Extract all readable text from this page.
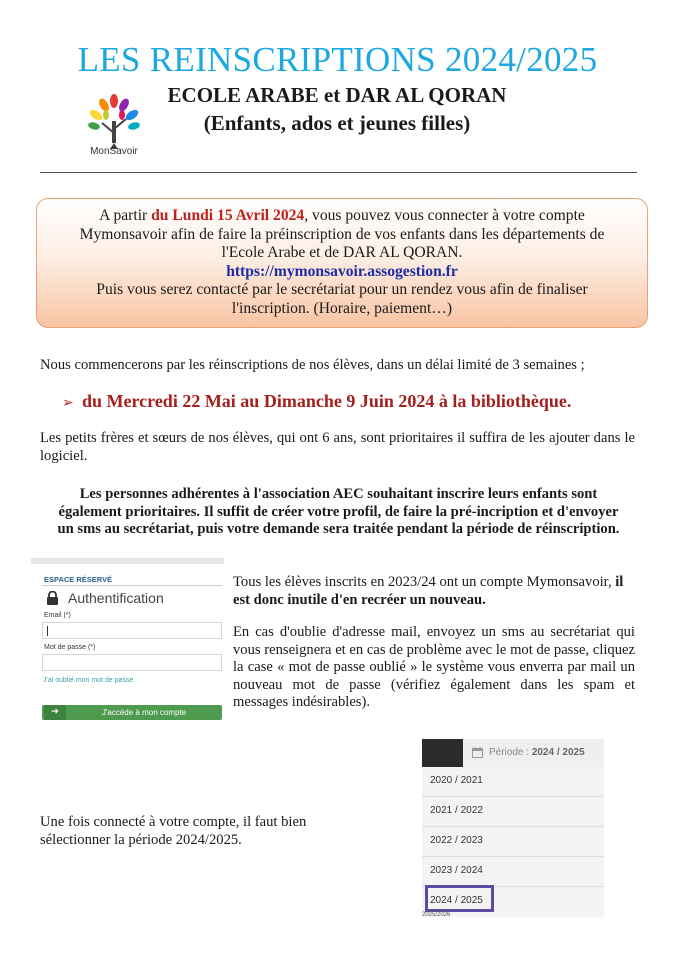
LES REINSCRIPTIONS 2024/2025
MonSavoir
ECOLE ARABE et DAR AL QORAN
(Enfants, ados et jeunes filles)
A partir du Lundi 15 Avril 2024, vous pouvez vous connecter à votre compte Mymonsavoir afin de faire la préinscription de vos enfants dans les départements de l'Ecole Arabe et de DAR AL QORAN.
https://mymonsavoir.assogestion.fr
Puis vous serez contacté par le secrétariat pour un rendez vous afin de finaliser l'inscription. (Horaire, paiement…)
Nous commencerons par les réinscriptions de nos élèves, dans un délai limité de 3 semaines ;
➢ du Mercredi 22 Mai au Dimanche 9 Juin 2024 à la bibliothèque.
Les petits frères et sœurs de nos élèves, qui ont 6 ans, sont prioritaires il suffira de les ajouter dans le logiciel.
Les personnes adhérentes à l'association AEC souhaitant inscrire leurs enfants sont également prioritaires. Il suffit de créer votre profil, de faire la pré-incription et d'envoyer un sms au secrétariat, puis votre demande sera traitée pendant la période de réinscription.
ESPACE RÉSERVÉ
Authentification
Email (*)
Mot de passe (*)
J'ai oublié mon mot de passe
➔	J'accède à mon compte
Tous les élèves inscrits en 2023/24 ont un compte Mymonsavoir, il est donc inutile d'en recréer un nouveau.
En cas d'oublie d'adresse mail, envoyez un sms au secrétariat qui vous renseignera et en cas de problème avec le mot de passe, cliquez la case « mot de passe oublié » le système vous enverra par mail un nouveau mot de passe (vérifiez également dans les spam et messages indésirables).
Période : 2024 / 2025
2020 / 2021
2021 / 2022
2022 / 2023
2023 / 2024
2024 / 2025
2025/2026
Une fois connecté à votre compte, il faut bien sélectionner la période 2024/2025.
